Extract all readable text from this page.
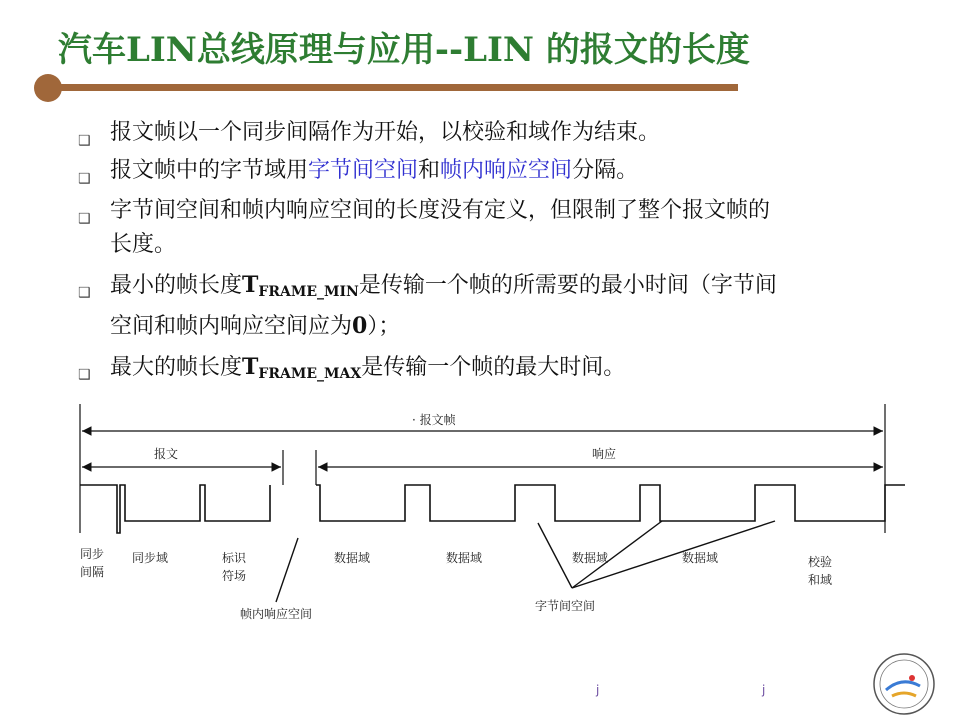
汽车LIN总线原理与应用--LIN 的报文的长度
❑ 报文帧以一个同步间隔作为开始，以校验和域作为结束。
❑ 报文帧中的字节域用字节间空间和帧内响应空间分隔。
❑ 字节间空间和帧内响应空间的长度没有定义，但限制了整个报文帧的
长度。
❑ 最小的帧长度$T_{FRAME\_MIN}$是传输一个帧的所需要的最小时间（字节间
空间和帧内响应空间应为0）；
❑ 最大的帧长度$T_{FRAME\_MAX}$是传输一个帧的最大时间。
· 报文帧
报文	响应
同步
间隔
同步域	标识
符场
数据域	数据域	数据域	数据域	校验
和域
帧内响应空间
字节间空间
ϳ	ϳ
